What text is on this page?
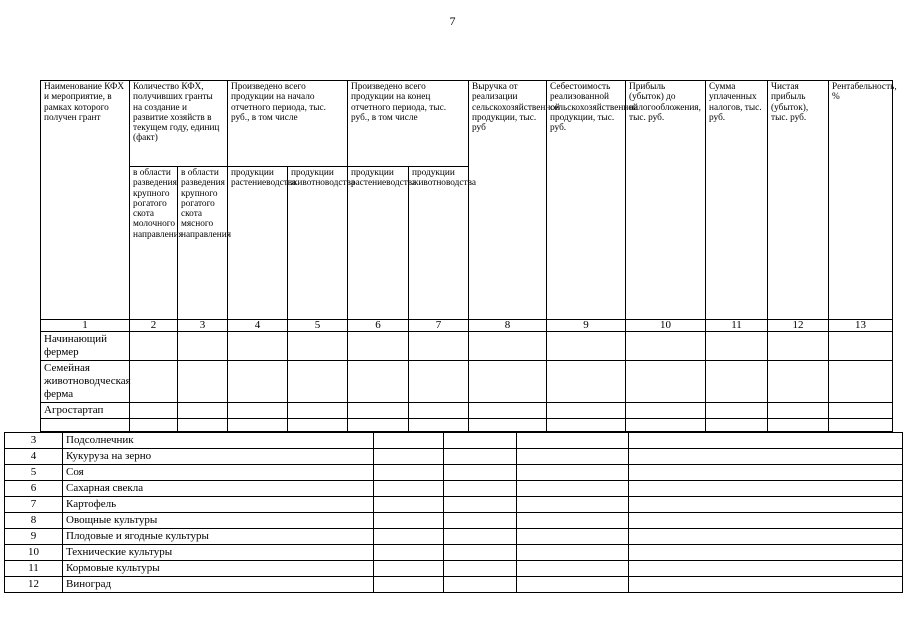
7
Наименование КФХ и мероприятие, в рамках которого получен грант	Количество КФХ, получивших гранты на создание и развитие хозяйств в текущем году, единиц (факт)		Произведено всего продукции на начало отчетного периода, тыс. руб., в том числе		Произведено всего продукции на конец отчетного периода, тыс. руб., в том числе		Выручка от реализации сельскохозяйственной продукции, тыс. руб	Себестоимость реализованной сельскохозяйственной продукции, тыс. руб.	Прибыль (убыток) до налогообложения, тыс. руб.	Сумма уплаченных налогов, тыс. руб.	Чистая прибыль (убыток), тыс. руб.	Рентабельность, %
	в области разведения крупного рогатого скота молочного направления	в области разведения крупного рогатого скота мясного направления	продукции растениеводства	продукции животноводства	продукции растениеводства	продукции животноводства						
1	2	3	4	5	6	7	8	9	10	11	12	13
Начинающий фермер												
Семейная животноводческая ферма												
Агростартап												

3	Подсолнечник				
4	Кукуруза на зерно				
5	Соя				
6	Сахарная свекла				
7	Картофель				
8	Овощные культуры				
9	Плодовые и ягодные культуры				
10	Технические культуры				
11	Кормовые культуры				
12	Виноград				
